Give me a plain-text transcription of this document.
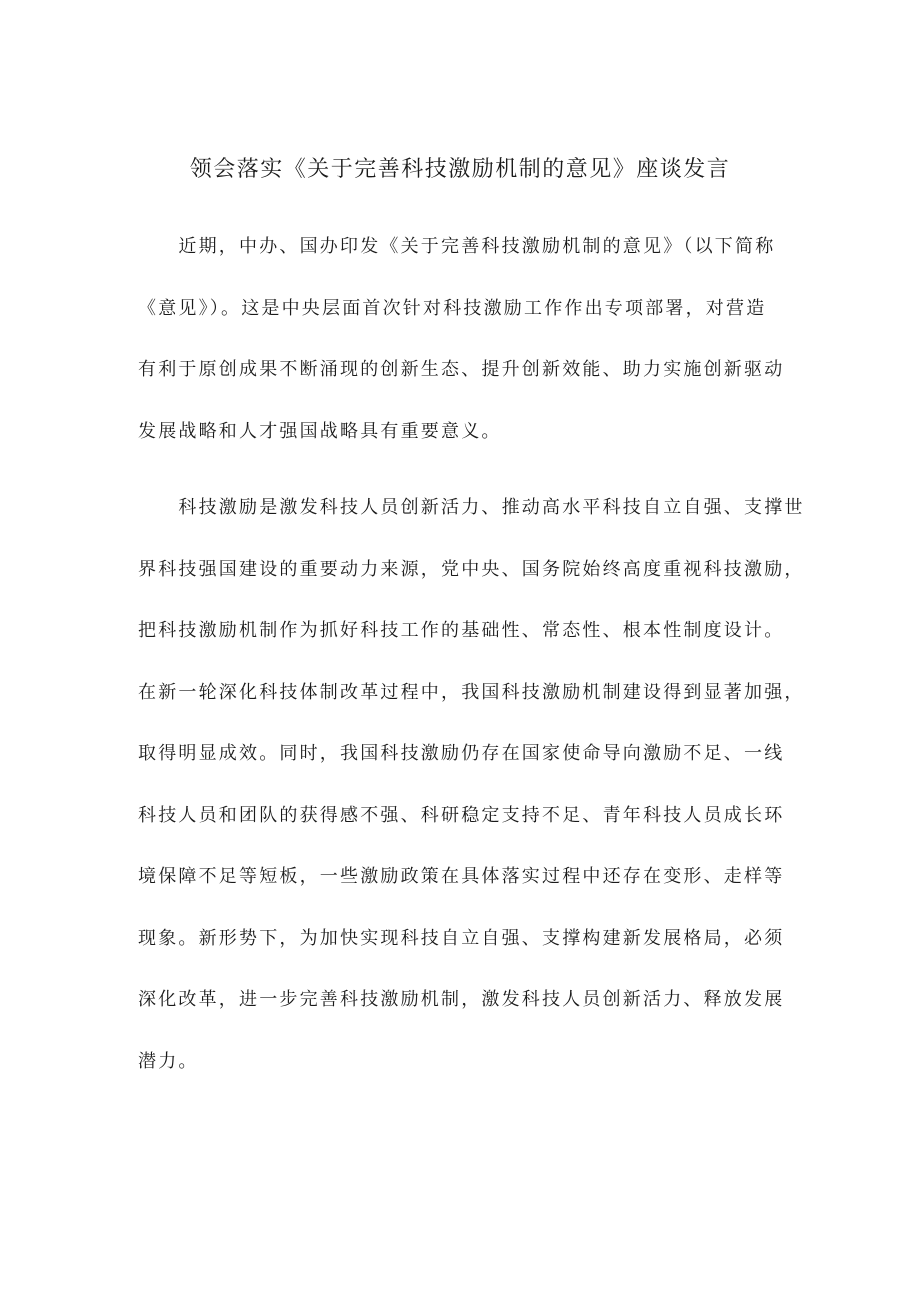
领会落实《关于完善科技激励机制的意见》座谈发言
　　近期，中办、国办印发《关于完善科技激励机制的意见》（以下简称
《意见》）。这是中央层面首次针对科技激励工作作出专项部署，对营造
有利于原创成果不断涌现的创新生态、提升创新效能、助力实施创新驱动
发展战略和人才强国战略具有重要意义。
　　科技激励是激发科技人员创新活力、推动高水平科技自立自强、支撑世
界科技强国建设的重要动力来源，党中央、国务院始终高度重视科技激励，
把科技激励机制作为抓好科技工作的基础性、常态性、根本性制度设计。
在新一轮深化科技体制改革过程中，我国科技激励机制建设得到显著加强，
取得明显成效。同时，我国科技激励仍存在国家使命导向激励不足、一线
科技人员和团队的获得感不强、科研稳定支持不足、青年科技人员成长环
境保障不足等短板，一些激励政策在具体落实过程中还存在变形、走样等
现象。新形势下，为加快实现科技自立自强、支撑构建新发展格局，必须
深化改革，进一步完善科技激励机制，激发科技人员创新活力、释放发展
潜力。
